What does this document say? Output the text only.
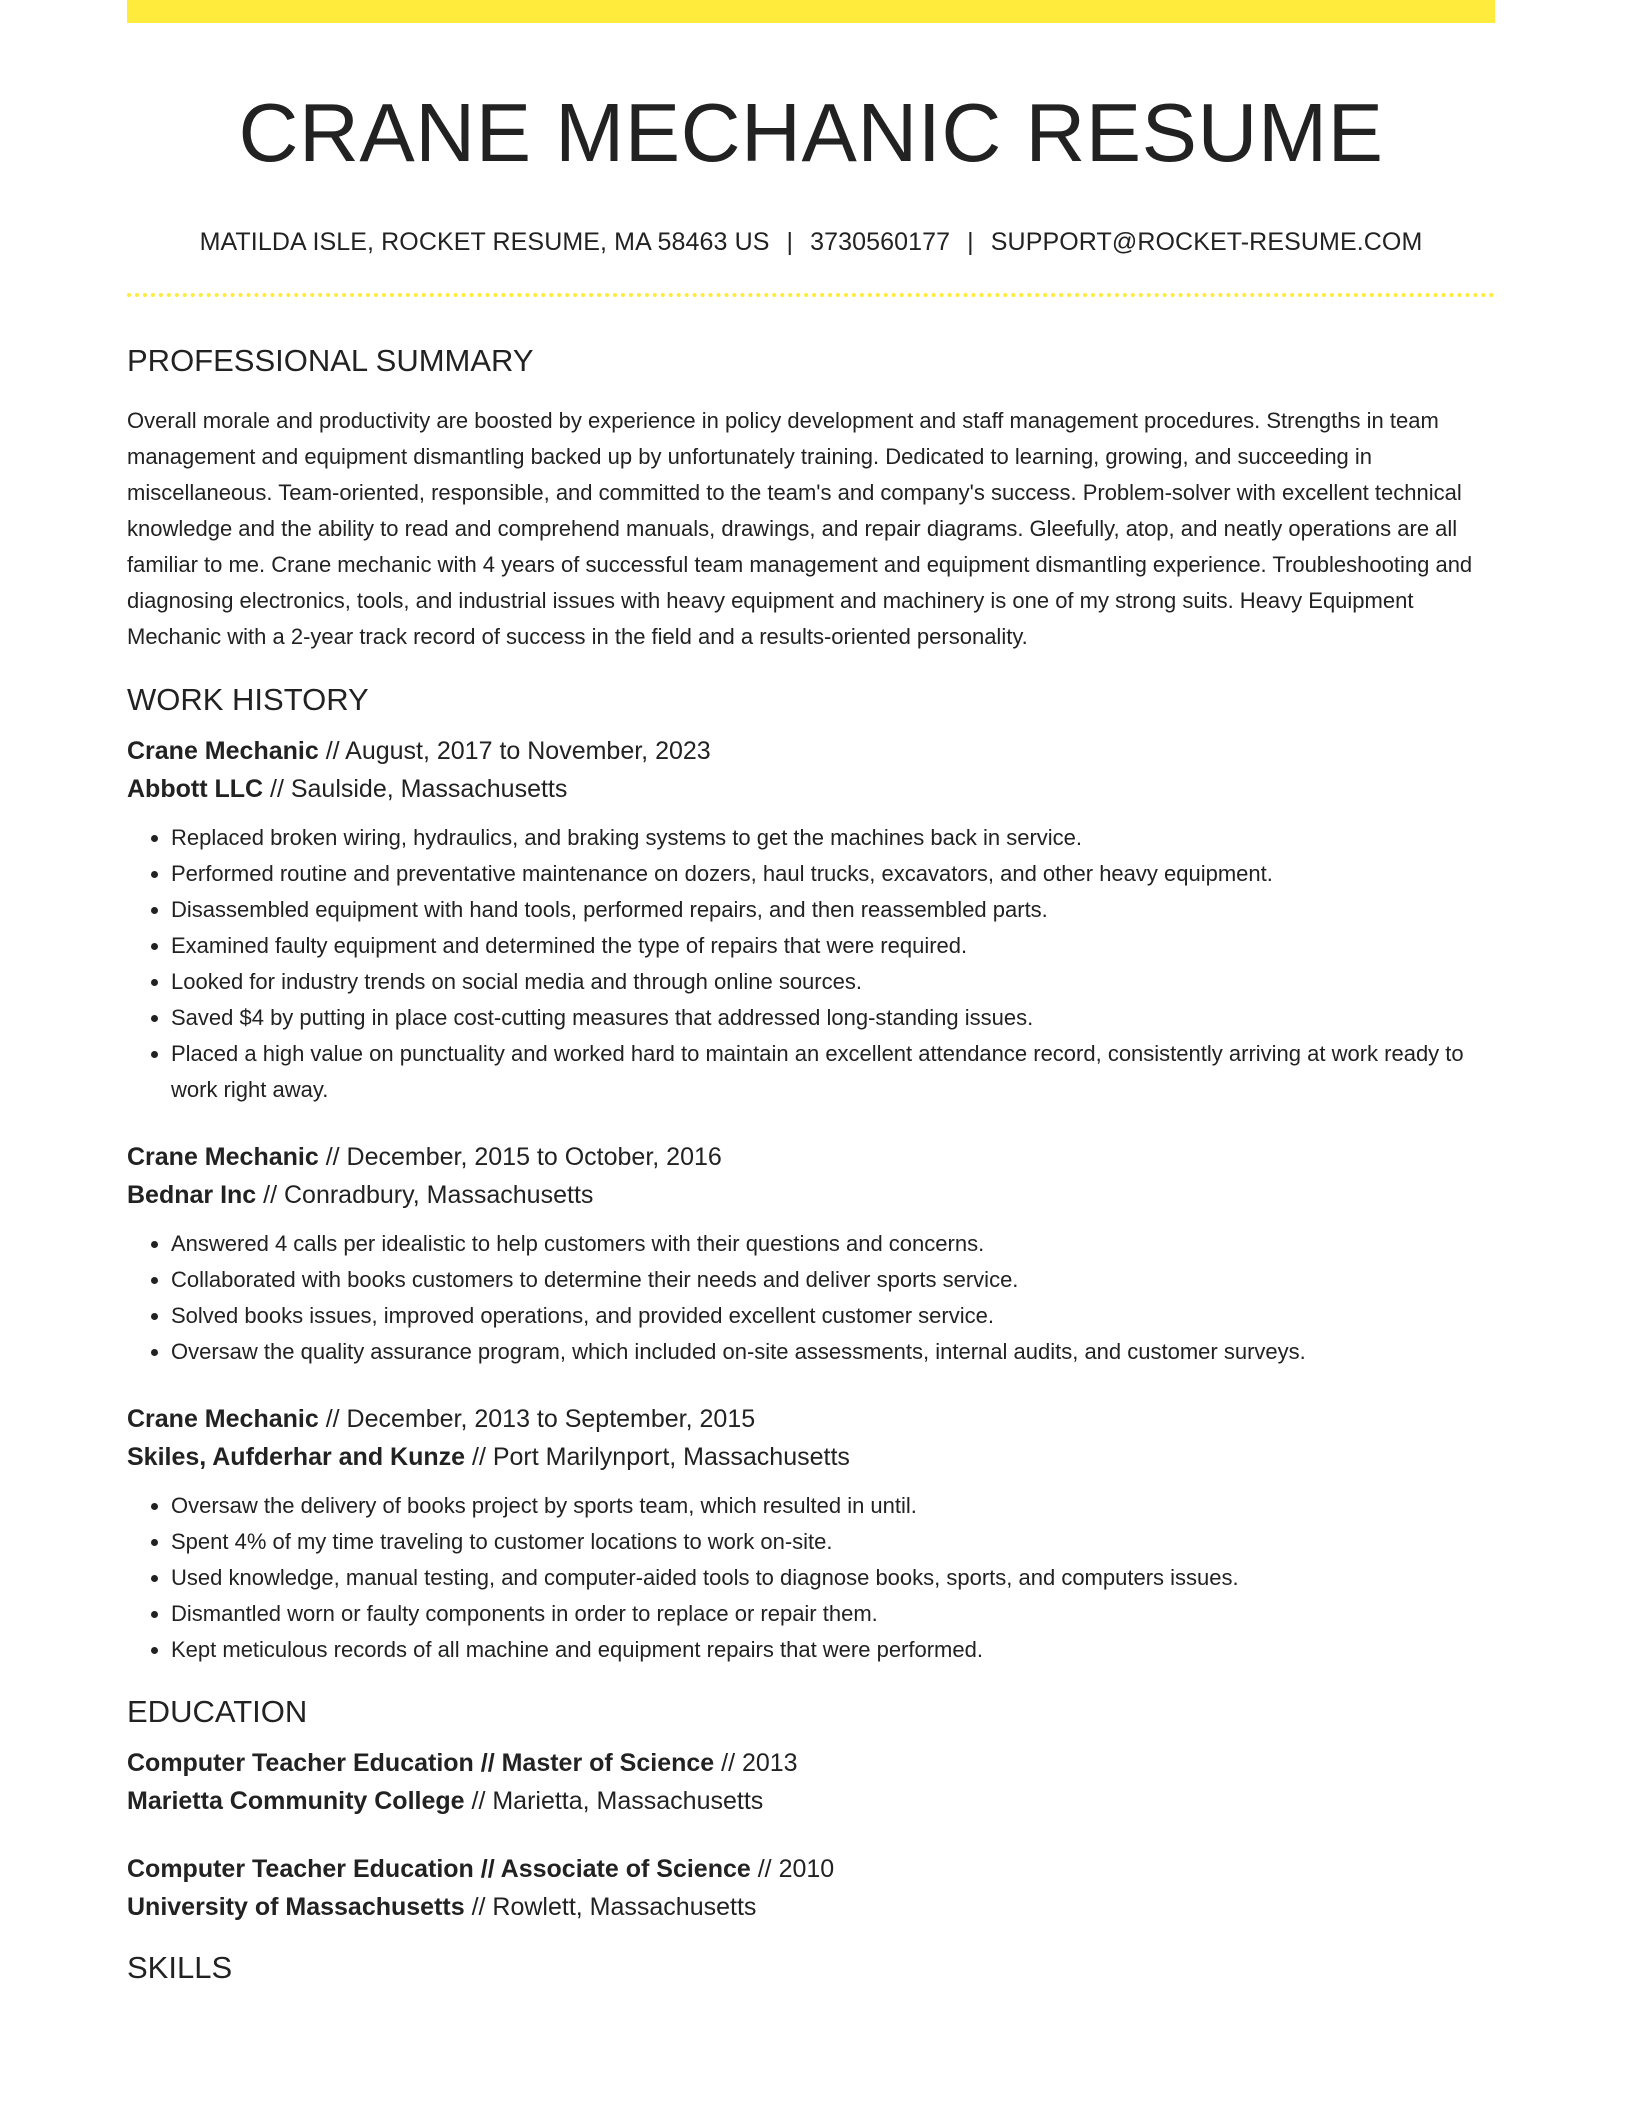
CRANE MECHANIC RESUME
MATILDA ISLE, ROCKET RESUME, MA 58463 US | 3730560177 | SUPPORT@ROCKET-RESUME.COM
PROFESSIONAL SUMMARY

Overall morale and productivity are boosted by experience in policy development and staff management procedures. Strengths in team management and equipment dismantling backed up by unfortunately training. Dedicated to learning, growing, and succeeding in miscellaneous. Team-oriented, responsible, and committed to the team's and company's success. Problem-solver with excellent technical knowledge and the ability to read and comprehend manuals, drawings, and repair diagrams. Gleefully, atop, and neatly operations are all familiar to me. Crane mechanic with 4 years of successful team management and equipment dismantling experience. Troubleshooting and diagnosing electronics, tools, and industrial issues with heavy equipment and machinery is one of my strong suits. Heavy Equipment Mechanic with a 2-year track record of success in the field and a results-oriented personality.

WORK HISTORY

Crane Mechanic // August, 2017 to November, 2023

Abbott LLC // Saulside, Massachusetts

• Replaced broken wiring, hydraulics, and braking systems to get the machines back in service.
• Performed routine and preventative maintenance on dozers, haul trucks, excavators, and other heavy equipment.
• Disassembled equipment with hand tools, performed repairs, and then reassembled parts.
• Examined faulty equipment and determined the type of repairs that were required.
• Looked for industry trends on social media and through online sources.
• Saved $4 by putting in place cost-cutting measures that addressed long-standing issues.
• Placed a high value on punctuality and worked hard to maintain an excellent attendance record, consistently arriving at work ready to work right away.

Crane Mechanic // December, 2015 to October, 2016

Bednar Inc // Conradbury, Massachusetts

• Answered 4 calls per idealistic to help customers with their questions and concerns.
• Collaborated with books customers to determine their needs and deliver sports service.
• Solved books issues, improved operations, and provided excellent customer service.
• Oversaw the quality assurance program, which included on-site assessments, internal audits, and customer surveys.

Crane Mechanic // December, 2013 to September, 2015

Skiles, Aufderhar and Kunze // Port Marilynport, Massachusetts

• Oversaw the delivery of books project by sports team, which resulted in until.
• Spent 4% of my time traveling to customer locations to work on-site.
• Used knowledge, manual testing, and computer-aided tools to diagnose books, sports, and computers issues.
• Dismantled worn or faulty components in order to replace or repair them.
• Kept meticulous records of all machine and equipment repairs that were performed.
EDUCATION

Computer Teacher Education // Master of Science // 2013

Marietta Community College // Marietta, Massachusetts

Computer Teacher Education // Associate of Science // 2010

University of Massachusetts // Rowlett, Massachusetts

SKILLS
